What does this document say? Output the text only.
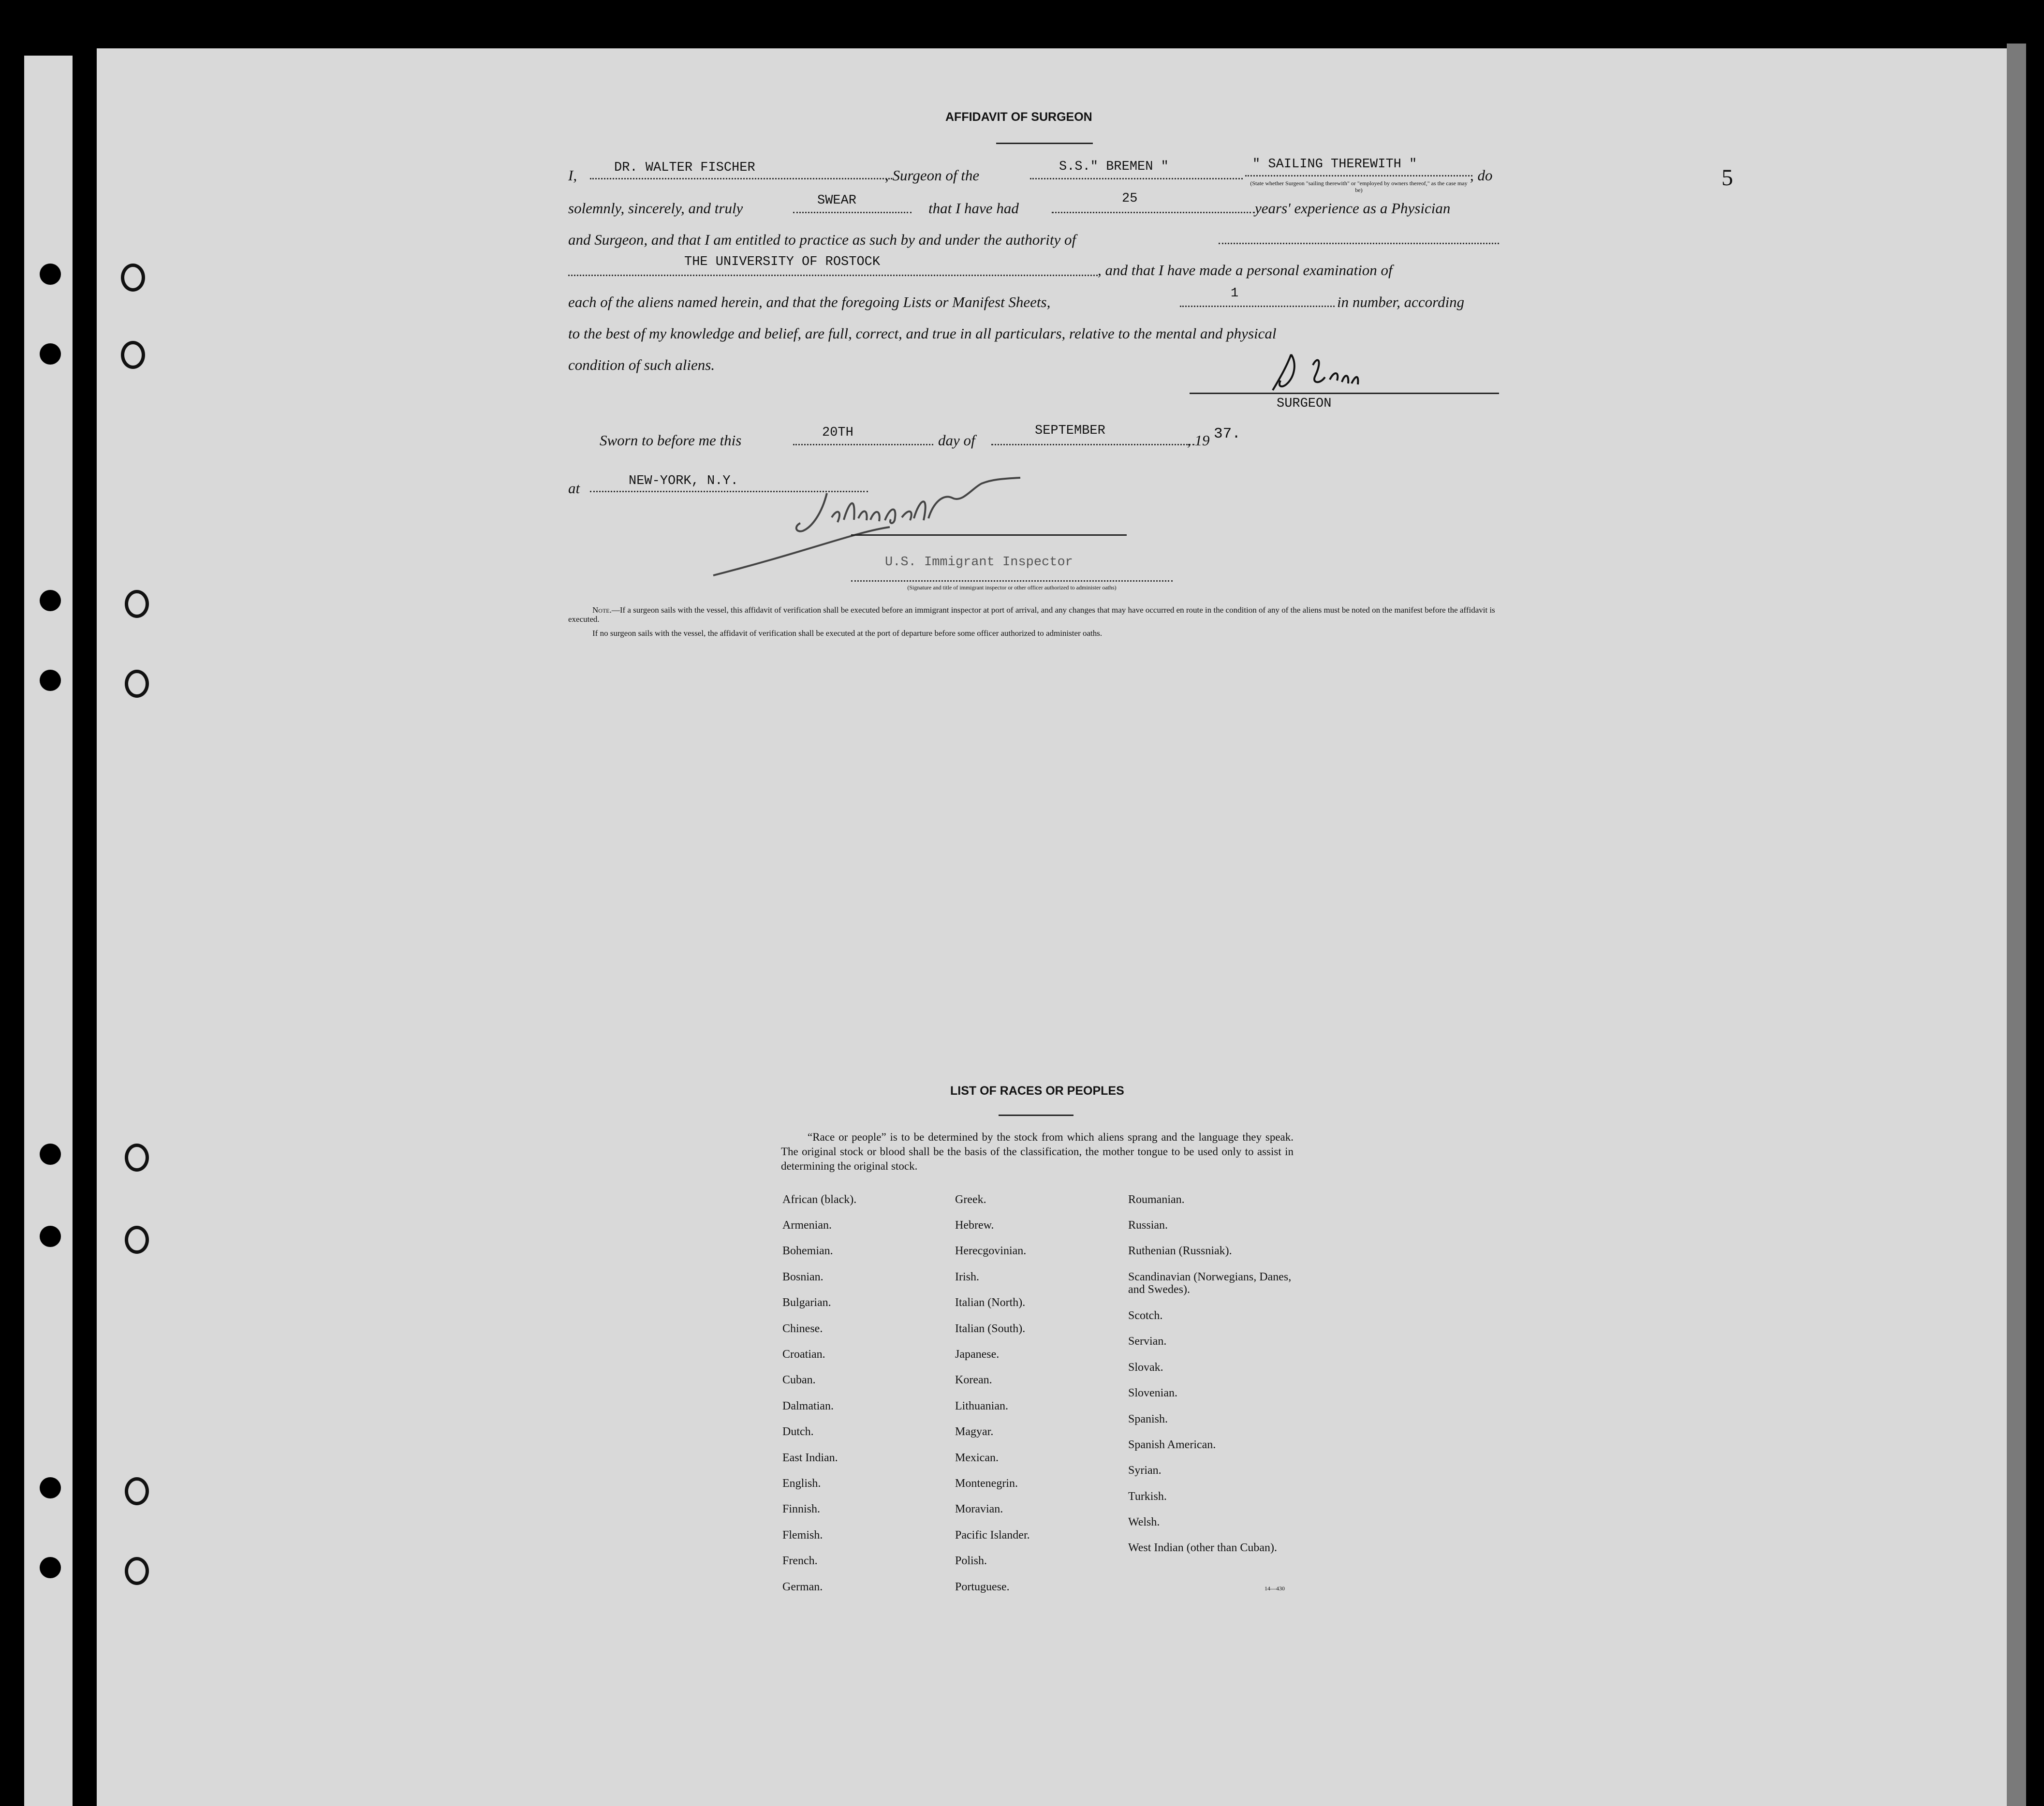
5
AFFIDAVIT OF SURGEON
I,	DR. WALTER FISCHER	, Surgeon of the	S.S." BREMEN "	" SAILING THEREWITH "
, do
(State whether Surgeon "sailing therewith" or "employed by owners thereof," as the case may be)
solemnly, sincerely, and truly	SWEAR	that I have had
25
years' experience as a Physician
and Surgeon, and that I am entitled to practice as such by and under the authority of
THE UNIVERSITY OF ROSTOCK	, and that I have made a personal examination of
each of the aliens named herein, and that the foregoing Lists or Manifest Sheets,	1	in number, according
to the best of my knowledge and belief, are full, correct, and true in all particulars, relative to the mental and physical
condition of such aliens.
SURGEON
Sworn to before me this	20TH	day of
SEPTEMBER
, 19 37.
at	NEW-YORK, N.Y.
U.S. Immigrant Inspector
(Signature and title of immigrant inspector or other officer authorized to administer oaths)
Note.—If a surgeon sails with the vessel, this affidavit of verification shall be executed before an immigrant inspector at port of arrival, and any changes that may have occurred en route in the condition of any of the aliens must be noted on the manifest before the affidavit is executed.
If no surgeon sails with the vessel, the affidavit of verification shall be executed at the port of departure before some officer authorized to administer oaths.
LIST OF RACES OR PEOPLES
“Race or people” is to be determined by the stock from which aliens sprang and the language they speak. The original stock or blood shall be the basis of the classification, the mother tongue to be used only to assist in determining the original stock.
African (black).
Armenian.
Bohemian.
Bosnian.
Bulgarian.
Chinese.
Croatian.
Cuban.
Dalmatian.
Dutch.
East Indian.
English.
Finnish.
Flemish.
French.
German.
Greek.
Hebrew.
Herecgovinian.
Irish.
Italian (North).
Italian (South).
Japanese.
Korean.
Lithuanian.
Magyar.
Mexican.
Montenegrin.
Moravian.
Pacific Islander.
Polish.
Portuguese.
Roumanian.
Russian.
Ruthenian (Russniak).
Scandinavian (Norwegians, Danes, and Swedes).
Scotch.
Servian.
Slovak.
Slovenian.
Spanish.
Spanish American.
Syrian.
Turkish.
Welsh.
West Indian (other than Cuban).
14—430
